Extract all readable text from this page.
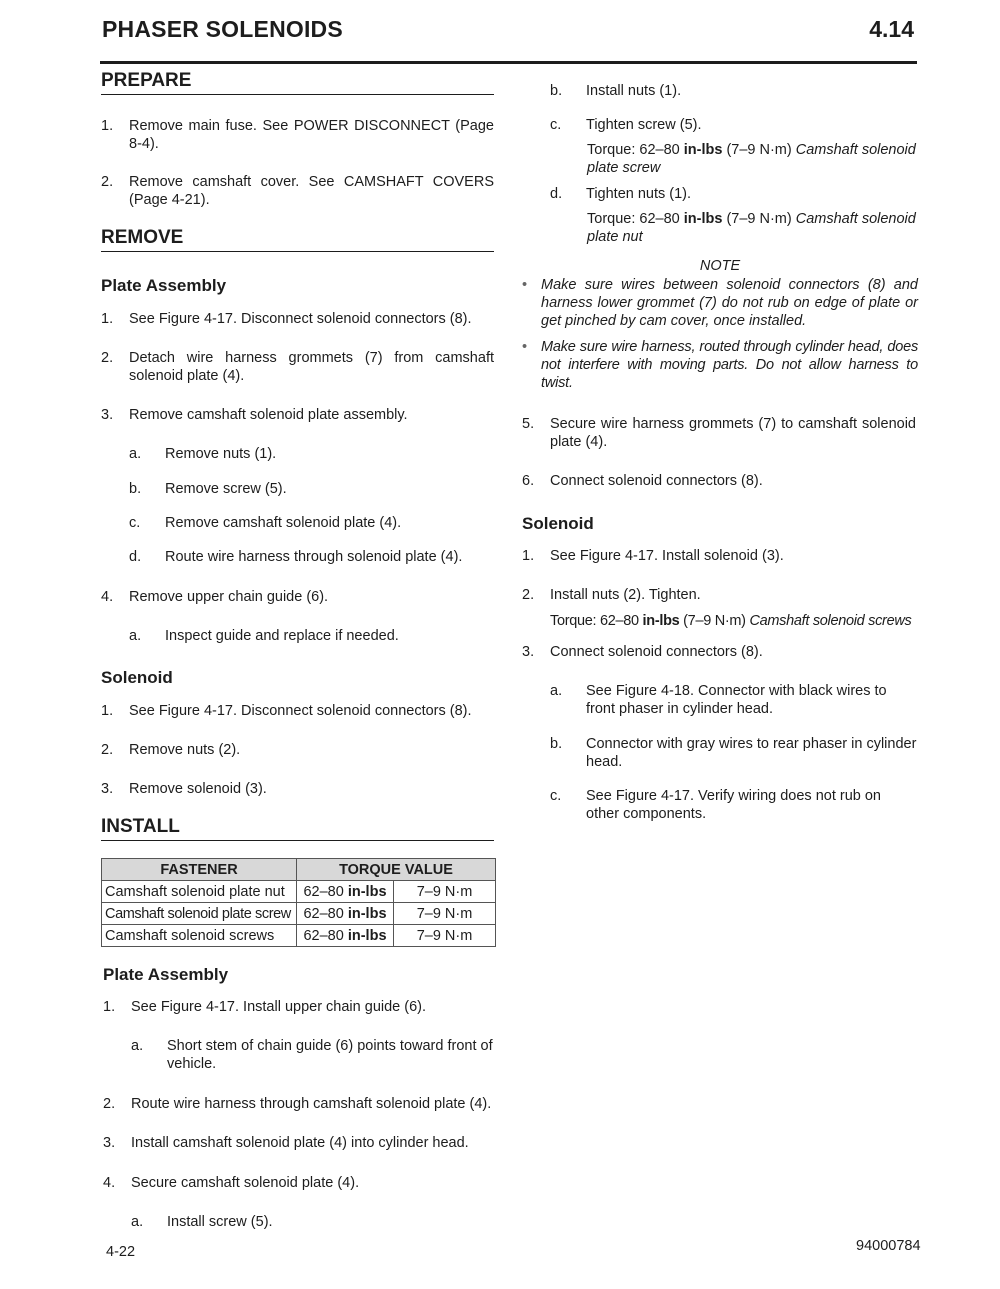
PHASER SOLENOIDS	4.14
PREPARE
1.	Remove main fuse. See POWER DISCONNECT (Page 8-4).
2.	Remove camshaft cover. See CAMSHAFT COVERS (Page 4-21).
REMOVE
Plate Assembly
1.	See Figure 4-17. Disconnect solenoid connectors (8).
2.	Detach wire harness grommets (7) from camshaft solenoid plate (4).
3.	Remove camshaft solenoid plate assembly.
a.	Remove nuts (1).
b.	Remove screw (5).
c.	Remove camshaft solenoid plate (4).
d.	Route wire harness through solenoid plate (4).
4.	Remove upper chain guide (6).
a.	Inspect guide and replace if needed.
Solenoid
1.	See Figure 4-17. Disconnect solenoid connectors (8).
2.	Remove nuts (2).
3.	Remove solenoid (3).
INSTALL
FASTENER	TORQUE VALUE	
Camshaft solenoid plate nut	62–80 in-lbs	7–9 N·m
Camshaft solenoid plate screw	62–80 in-lbs	7–9 N·m
Camshaft solenoid screws	62–80 in-lbs	7–9 N·m
Plate Assembly
1.	See Figure 4-17. Install upper chain guide (6).
a.	Short stem of chain guide (6) points toward front of vehicle.
2.	Route wire harness through camshaft solenoid plate (4).
3.	Install camshaft solenoid plate (4) into cylinder head.
4.	Secure camshaft solenoid plate (4).
a.	Install screw (5).
b.	Install nuts (1).
c.	Tighten screw (5).
Torque: 62–80 in-lbs (7–9 N·m) Camshaft solenoid plate screw
d.	Tighten nuts (1).
Torque: 62–80 in-lbs (7–9 N·m) Camshaft solenoid plate nut
NOTE
• Make sure wires between solenoid connectors (8) and harness lower grommet (7) do not rub on edge of plate or get pinched by cam cover, once installed.
• Make sure wire harness, routed through cylinder head, does not interfere with moving parts. Do not allow harness to twist.
5.	Secure wire harness grommets (7) to camshaft solenoid plate (4).
6.	Connect solenoid connectors (8).
Solenoid
1.	See Figure 4-17. Install solenoid (3).
2.	Install nuts (2). Tighten.
Torque: 62–80 in-lbs (7–9 N·m) Camshaft solenoid screws
3.	Connect solenoid connectors (8).
a.	See Figure 4-18. Connector with black wires to front phaser in cylinder head.
b.	Connector with gray wires to rear phaser in cylinder head.
c.	See Figure 4-17. Verify wiring does not rub on other components.
4-22	94000784
